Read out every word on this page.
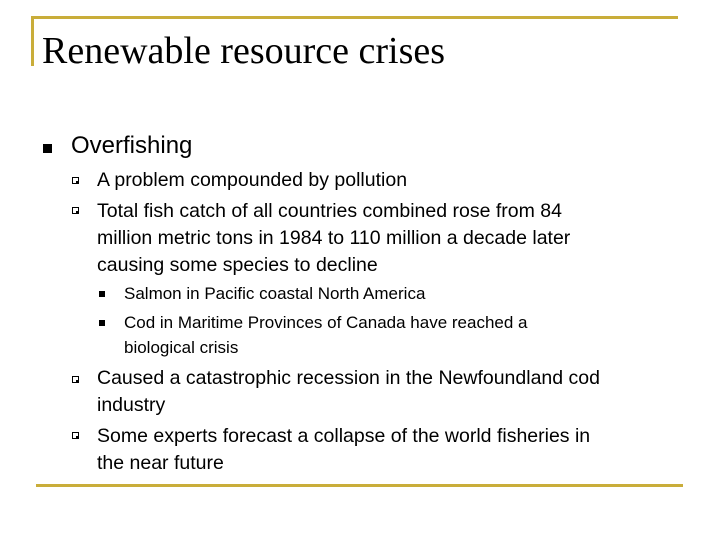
Renewable resource crises

Overfishing

A problem compounded by pollution

Total fish catch of all countries combined rose from 84

million metric tons in 1984 to 110 million a decade later

causing some species to decline

Salmon in Pacific coastal North America

Cod in Maritime Provinces of Canada have reached a

biological crisis

Caused a catastrophic recession in the Newfoundland cod

industry

Some experts forecast a collapse of the world fisheries in

the near future
